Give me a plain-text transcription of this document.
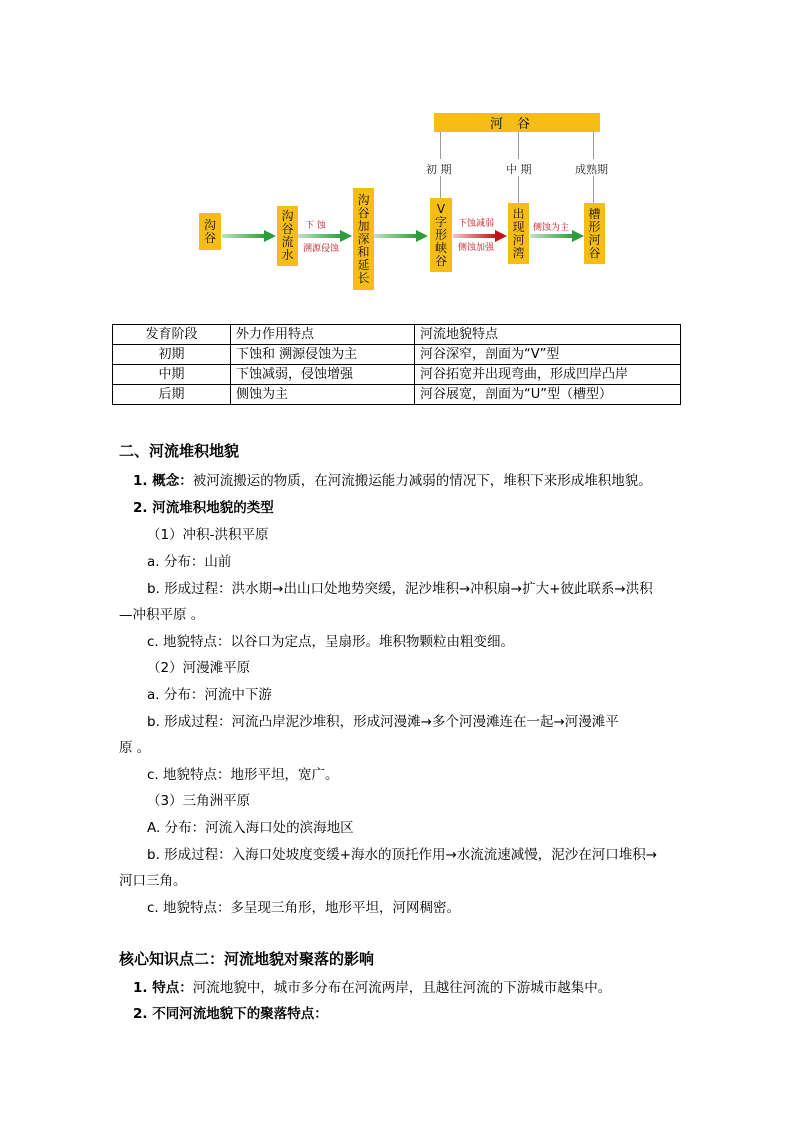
河谷
初 期	中 期	成熟期
下 蚀
溯源侵蚀
下蚀减弱
侧蚀加强
侧蚀为主
沟谷
沟谷流水
沟谷加深和延长
V字形峡谷
出现河湾
槽形河谷
发育阶段	外力作用特点	河流地貌特点
初期	下蚀和 溯源侵蚀为主	河谷深窄，剖面为“V”型
中期	下蚀减弱，侵蚀增强	河谷拓宽并出现弯曲，形成凹岸凸岸
后期	侧蚀为主	河谷展宽，剖面为“U”型（槽型）
二、河流堆积地貌
1. 概念：被河流搬运的物质，在河流搬运能力减弱的情况下，堆积下来形成堆积地貌。
2. 河流堆积地貌的类型
（1）冲积-洪积平原
a. 分布：山前
b. 形成过程：洪水期→出山口处地势突缓，泥沙堆积→冲积扇→扩大+彼此联系→洪积
—冲积平原 。
c. 地貌特点：以谷口为定点，呈扇形。堆积物颗粒由粗变细。
（2）河漫滩平原
a. 分布：河流中下游
b. 形成过程：河流凸岸泥沙堆积，形成河漫滩→多个河漫滩连在一起→河漫滩平
原 。
c. 地貌特点：地形平坦，宽广。
（3）三角洲平原
A. 分布：河流入海口处的滨海地区
b. 形成过程：入海口处坡度变缓+海水的顶托作用→水流流速减慢，泥沙在河口堆积→
河口三角。
c. 地貌特点：多呈现三角形，地形平坦，河网稠密。
核心知识点二：河流地貌对聚落的影响
1. 特点：河流地貌中，城市多分布在河流两岸，且越往河流的下游城市越集中。
2. 不同河流地貌下的聚落特点：
